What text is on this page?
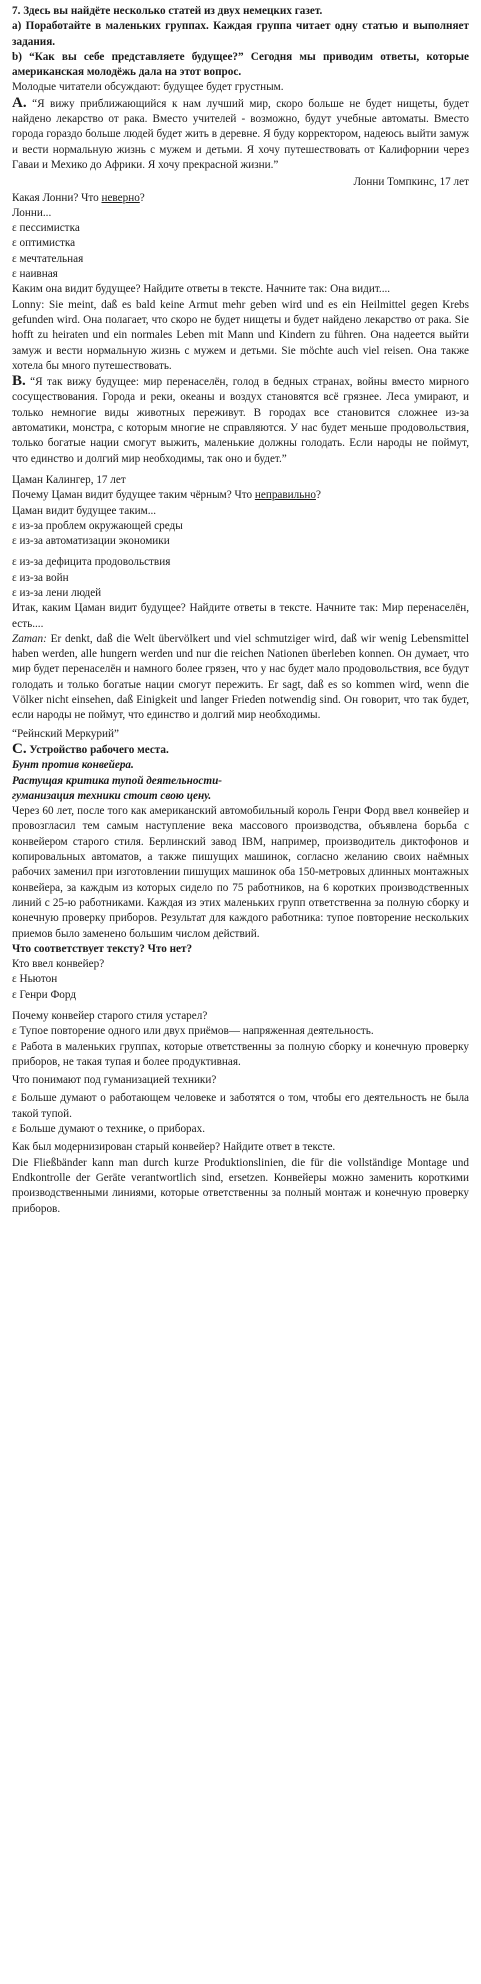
7. Здесь вы найдёте несколько статей из двух немецких газет.

a) Поработайте в маленьких группах. Каждая группа читает одну статью и выполняет задания.

b) “Как вы себе представляете будущее?” Сегодня мы приводим ответы, которые американская молодёжь дала на этот вопрос.

Молодые читатели обсуждают: будущее будет грустным.

A. “Я вижу приближающийся к нам лучший мир, скоро больше не будет нищеты, будет найдено лекарство от рака. Вместо учителей - возможно, будут учебные автоматы. Вместо города гораздо больше людей будет жить в деревне. Я буду корректором, надеюсь выйти замуж и вести нормальную жизнь с мужем и детьми. Я хочу путешествовать от Калифорнии через Гаваи и Мехико до Африки. Я хочу прекрасной жизни.”

Лонни Томпкинс, 17 лет

Какая Лонни? Что неверно?

Лонни...

ε пессимистка

ε оптимистка

ε мечтательная

ε наивная

Каким она видит будущее? Найдите ответы в тексте. Начните так: Она видит....

Lonny: Sie meint, daß es bald keine Armut mehr geben wird und es ein Heilmittel gegen Krebs gefunden wird. Она полагает, что скоро не будет нищеты и будет найдено лекарство от рака. Sie hofft zu heiraten und ein normales Leben mit Mann und Kindern zu führen. Она надеется выйти замуж и вести нормальную жизнь с мужем и детьми. Sie möchte auch viel reisen. Она также хотела бы много путешествовать.

B. “Я так вижу будущее: мир перенаселён, голод в бедных странах, войны вместо мирного сосуществования. Города и реки, океаны и воздух становятся всё грязнее. Леса умирают, и только немногие виды животных переживут. В городах все становится сложнее из-за автоматики, монстра, с которым многие не справляются. У нас будет меньше продовольствия, только богатые нации смогут выжить, маленькие должны голодать. Если народы не поймут, что единство и долгий мир необходимы, так оно и будет.”

Цаман Калингер, 17 лет

Почему Цаман видит будущее таким чёрным? Что неправильно?

Цаман видит будущее таким...

ε из-за проблем окружающей среды

ε из-за автоматизации экономики

ε из-за дефицита продовольствия

ε из-за войн

ε из-за лени людей

Итак, каким Цаман видит будущее? Найдите ответы в тексте. Начните так: Мир перенаселён, есть....

Zaman: Er denkt, daß die Welt übervölkert und viel schmutziger wird, daß wir wenig Lebensmittel haben werden, alle hungern werden und nur die reichen Nationen überleben konnen. Он думает, что мир будет перенаселён и намного более грязен, что у нас будет мало продовольствия, все будут голодать и только богатые нации смогут пережить. Er sagt, daß es so kommen wird, wenn die Völker nicht einsehen, daß Einigkeit und langer Frieden notwendig sind. Он говорит, что так будет, если народы не поймут, что единство и долгий мир необходимы.

“Рейнский Меркурий”

C. Устройство рабочего места.

Бунт против конвейера.

Растущая критика тупой деятельности-

гуманизация техники стоит свою цену.

Через 60 лет, после того как американский автомобильный король Генри Форд ввел конвейер и провозгласил тем самым наступление века массового производства, объявлена борьба с конвейером старого стиля. Берлинский завод IBM, например, производитель диктофонов и копировальных автоматов, а также пишущих машинок, согласно желанию своих наёмных рабочих заменил при изготовлении пишущих машинок оба 150-метровых длинных монтажных конвейера, за каждым из которых сидело по 75 работников, на 6 коротких производственных линий с 25-ю работниками. Каждая из этих маленьких групп ответственна за полную сборку и конечную проверку приборов. Результат для каждого работника: тупое повторение нескольких приемов было заменено большим числом действий.

Что соответствует тексту? Что нет?

Кто ввел конвейер?

ε Ньютон

ε Генри Форд

Почему конвейер старого стиля устарел?

ε Тупое повторение одного или двух приёмов— напряженная деятельность.

ε Работа в маленьких группах, которые ответственны за полную сборку и конечную проверку приборов, не такая тупая и более продуктивная.

Что понимают под гуманизацией техники?

ε Больше думают о работающем человеке и заботятся о том, чтобы его деятельность не была такой тупой.

ε Больше думают о технике, о приборах.

Как был модернизирован старый конвейер? Найдите ответ в тексте.

Die Fließbänder kann man durch kurze Produktionslinien, die für die vollständige Montage und Endkontrolle der Geräte verantwortlich sind, ersetzen. Конвейеры можно заменить короткими производственными линиями, которые ответственны за полный монтаж и конечную проверку приборов.
